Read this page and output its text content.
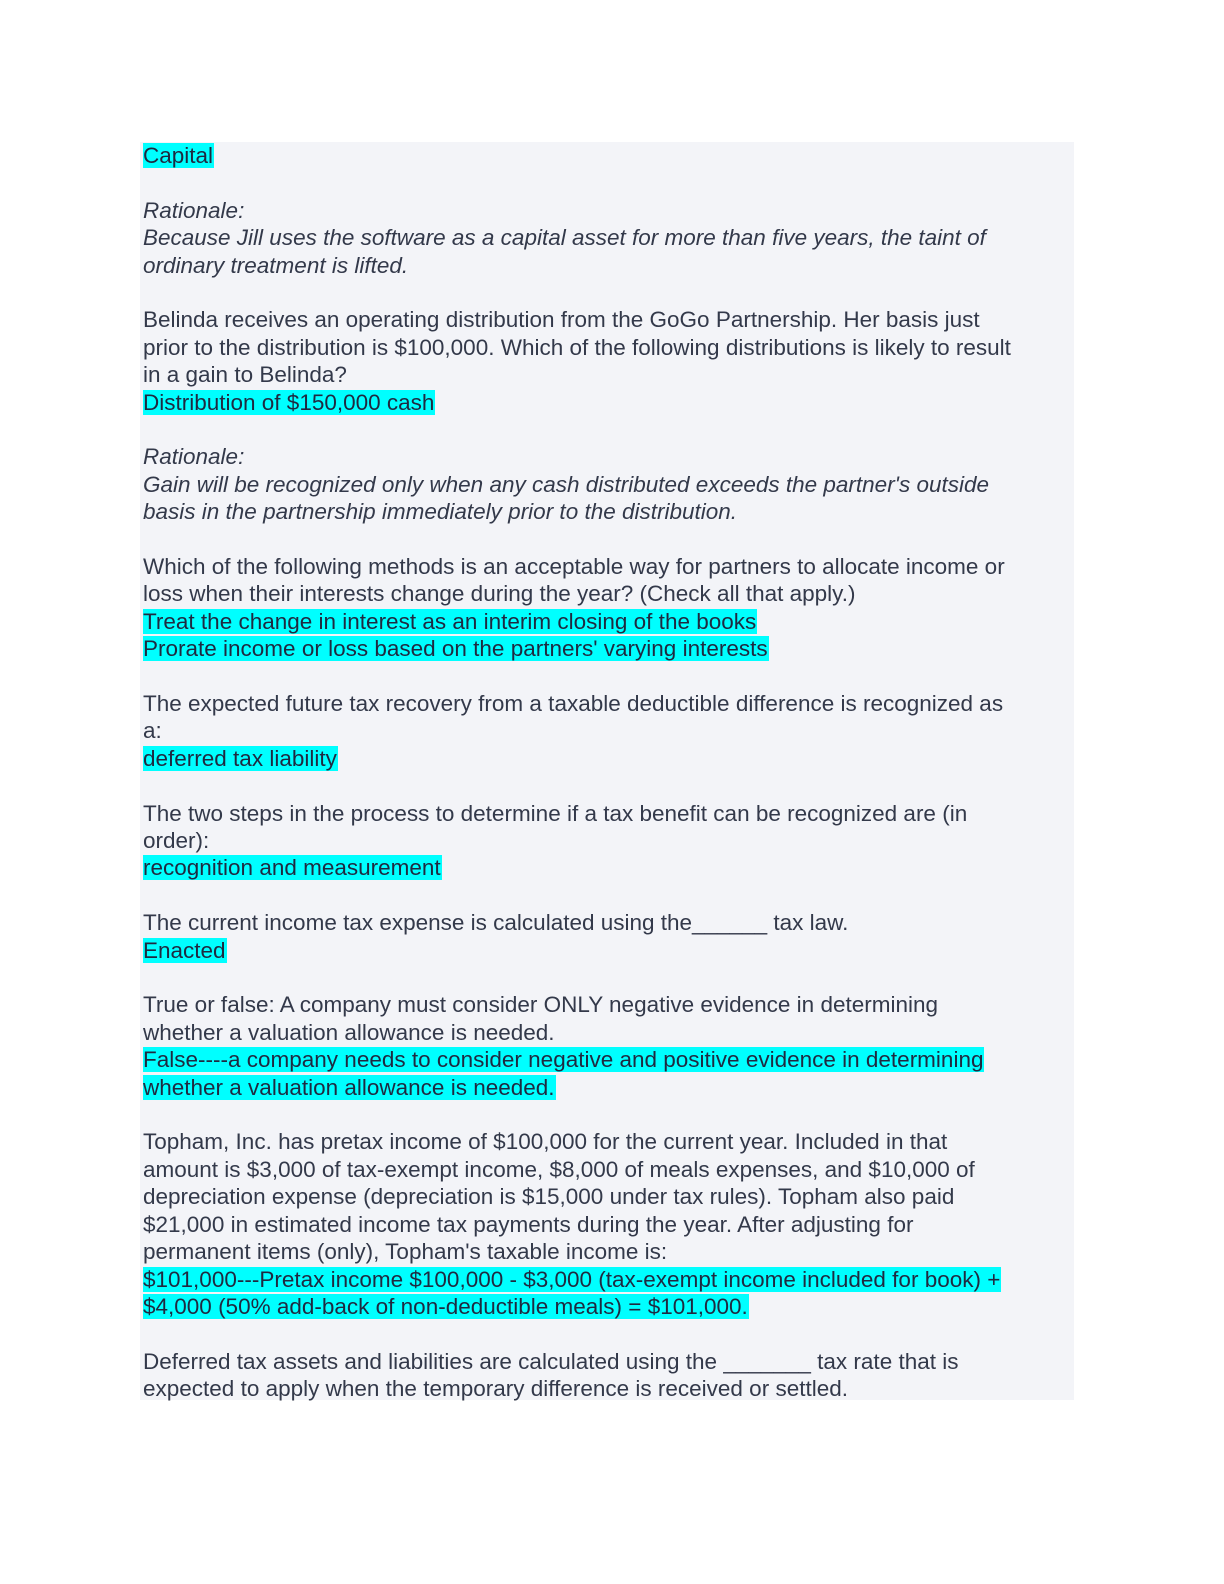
Capital
Rationale:
Because Jill uses the software as a capital asset for more than five years, the taint of
ordinary treatment is lifted.
Belinda receives an operating distribution from the GoGo Partnership. Her basis just
prior to the distribution is $100,000. Which of the following distributions is likely to result
in a gain to Belinda?
Distribution of $150,000 cash
Rationale:
Gain will be recognized only when any cash distributed exceeds the partner's outside
basis in the partnership immediately prior to the distribution.
Which of the following methods is an acceptable way for partners to allocate income or
loss when their interests change during the year? (Check all that apply.)
Treat the change in interest as an interim closing of the books
Prorate income or loss based on the partners' varying interests
The expected future tax recovery from a taxable deductible difference is recognized as
a:
deferred tax liability
The two steps in the process to determine if a tax benefit can be recognized are (in
order):
recognition and measurement
The current income tax expense is calculated using the______ tax law.
Enacted
True or false: A company must consider ONLY negative evidence in determining
whether a valuation allowance is needed.
False----a company needs to consider negative and positive evidence in determining
whether a valuation allowance is needed.
Topham, Inc. has pretax income of $100,000 for the current year. Included in that
amount is $3,000 of tax-exempt income, $8,000 of meals expenses, and $10,000 of
depreciation expense (depreciation is $15,000 under tax rules). Topham also paid
$21,000 in estimated income tax payments during the year. After adjusting for
permanent items (only), Topham's taxable income is:
$101,000---Pretax income $100,000 - $3,000 (tax-exempt income included for book) +
$4,000 (50% add-back of non-deductible meals) = $101,000.
Deferred tax assets and liabilities are calculated using the _______ tax rate that is
expected to apply when the temporary difference is received or settled.
